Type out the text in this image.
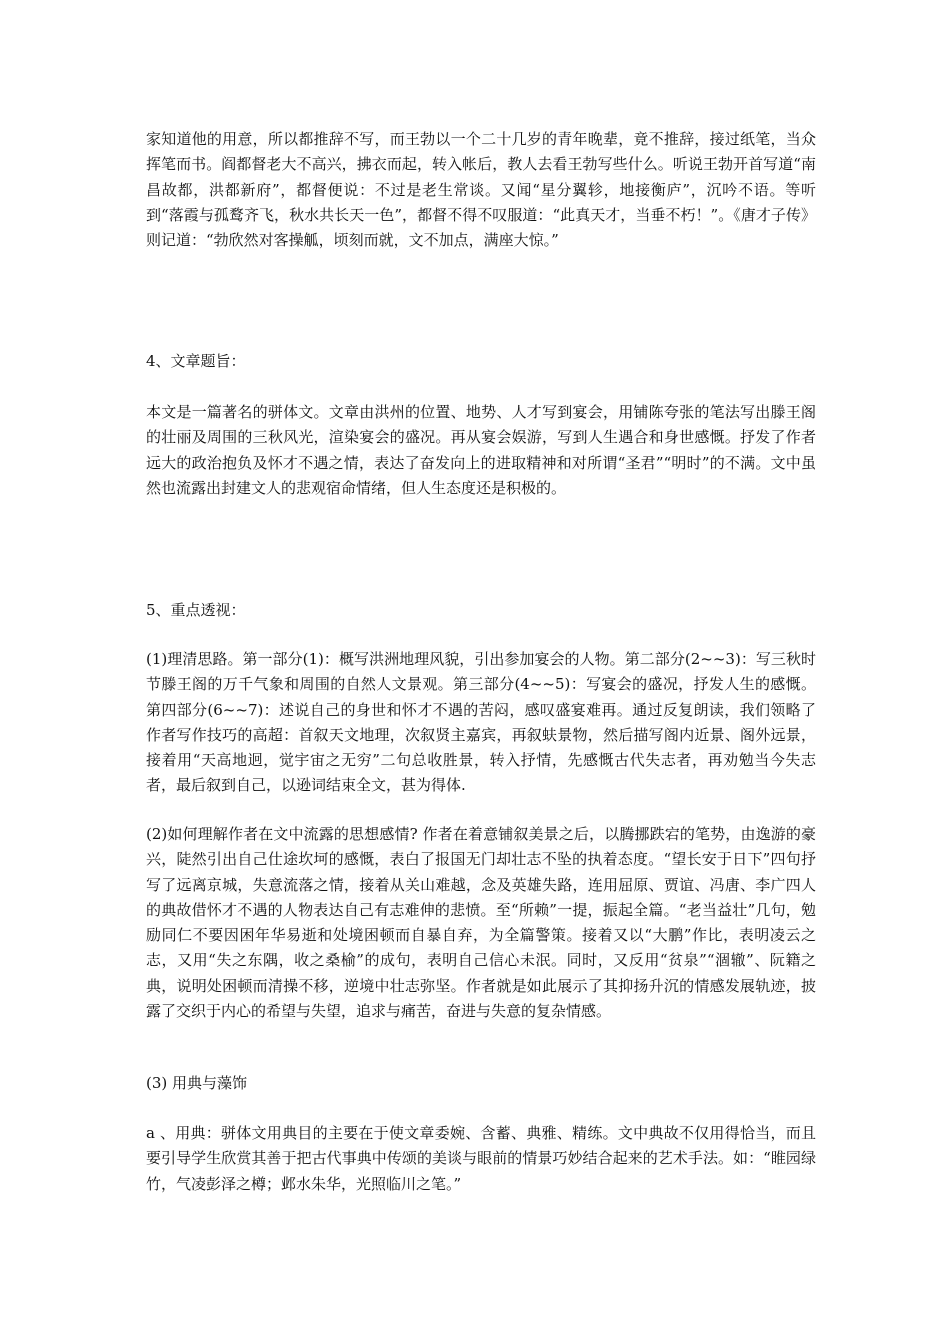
家知道他的用意，所以都推辞不写，而王勃以一个二十几岁的青年晚辈，竟不推辞，接过纸笔，当众挥笔而书。阎都督老大不高兴，拂衣而起，转入帐后，教人去看王勃写些什么。听说王勃开首写道“南昌故都，洪都新府”，都督便说：不过是老生常谈。又闻“星分翼轸，地接衡庐”，沉吟不语。等听到“落霞与孤鹜齐飞，秋水共长天一色”，都督不得不叹服道：“此真天才，当垂不朽！”。《唐才子传》则记道：“勃欣然对客操觚，顷刻而就，文不加点，满座大惊。”

4、文章题旨：

本文是一篇著名的骈体文。文章由洪州的位置、地势、人才写到宴会，用铺陈夸张的笔法写出滕王阁的壮丽及周围的三秋风光，渲染宴会的盛况。再从宴会娱游，写到人生遇合和身世感慨。抒发了作者远大的政治抱负及怀才不遇之情，表达了奋发向上的进取精神和对所谓“圣君”“明时”的不满。文中虽然也流露出封建文人的悲观宿命情绪，但人生态度还是积极的。

5、重点透视：

(1)理清思路。第一部分(1)：概写洪洲地理风貌，引出参加宴会的人物。第二部分(2~~3)：写三秋时节滕王阁的万千气象和周围的自然人文景观。第三部分(4~~5)：写宴会的盛况，抒发人生的感慨。第四部分(6~~7)：述说自己的身世和怀才不遇的苦闷，感叹盛宴难再。通过反复朗读，我们领略了作者写作技巧的高超：首叙天文地理，次叙贤主嘉宾，再叙蚨景物，然后描写阁内近景、阁外远景，接着用“天高地迥，觉宇宙之无穷”二句总收胜景，转入抒情，先感慨古代失志者，再劝勉当今失志者，最后叙到自己，以逊词结束全文，甚为得体.

(2)如何理解作者在文中流露的思想感情? 作者在着意铺叙美景之后，以腾挪跌宕的笔势，由逸游的豪兴，陡然引出自己仕途坎坷的感慨，表白了报国无门却壮志不坠的执着态度。“望长安于日下”四句抒写了远离京城，失意流落之情，接着从关山难越，念及英雄失路，连用屈原、贾谊、冯唐、李广四人的典故借怀才不遇的人物表达自己有志难伸的悲愤。至“所赖”一提，振起全篇。“老当益壮”几句，勉励同仁不要因困年华易逝和处境困顿而自暴自弃，为全篇警策。接着又以“大鹏”作比，表明凌云之志，又用“失之东隅，收之桑榆”的成句，表明自己信心未泯。同时，又反用“贫泉”“涸辙”、阮籍之典，说明处困顿而清操不移，逆境中壮志弥坚。作者就是如此展示了其抑扬升沉的情感发展轨迹，披露了交织于内心的希望与失望，追求与痛苦，奋进与失意的复杂情感。

(3) 用典与藻饰

a 、用典：骈体文用典目的主要在于使文章委婉、含蓄、典雅、精练。文中典故不仅用得恰当，而且要引导学生欣赏其善于把古代事典中传颂的美谈与眼前的情景巧妙结合起来的艺术手法。如：“睢园绿竹，气凌彭泽之樽；邺水朱华，光照临川之笔。”
